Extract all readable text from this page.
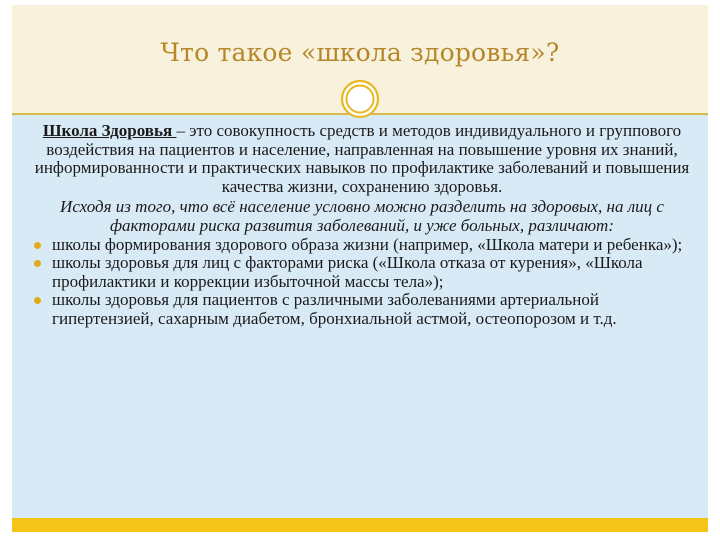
Что такое «школа здоровья»?

Школа Здоровья – это совокупность средств и методов индивидуального и группового воздействия на пациентов и население, направленная на повышение уровня их знаний, информированности и практических навыков по профилактике заболеваний и повышения качества жизни, сохранению здоровья.

Исходя из того, что всё население условно можно разделить на здоровых, на лиц с факторами риска развития заболеваний, и уже больных, различают:

школы формирования здорового образа жизни (например, «Школа матери и ребенка»);
школы здоровья для лиц с факторами риска («Школа отказа от курения», «Школа профилактики и коррекции избыточной массы тела»);
школы здоровья для пациентов с различными заболеваниями артериальной гипертензией, сахарным диабетом, бронхиальной астмой, остеопорозом и т.д.
